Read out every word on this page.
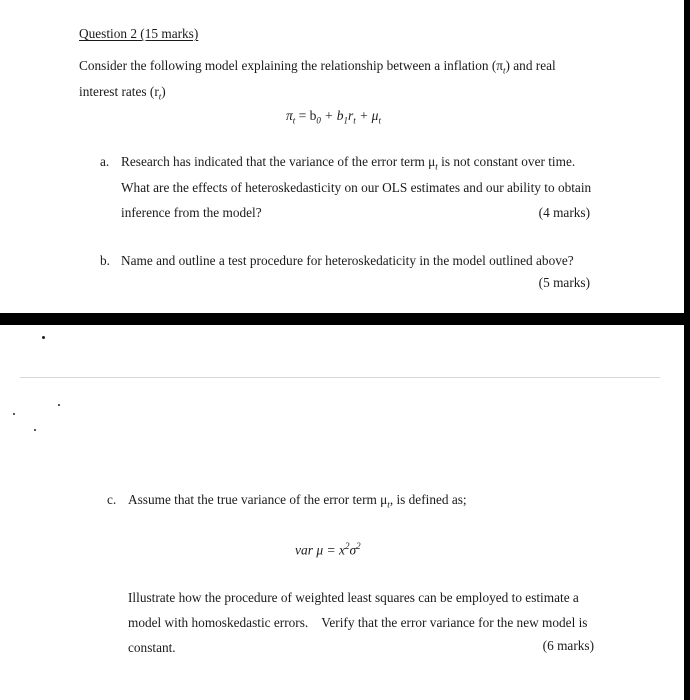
Question 2 (15 marks)
Consider the following model explaining the relationship between a inflation $(\pi_t)$ and real
interest rates $(r_t)$
$\pi_t = b_0 + b_1r_t + \mu_t$
a. Research has indicated that the variance of the error term $\mu_t$ is not constant over time.
What are the effects of heteroskedasticity on our OLS estimates and our ability to obtain
inference from the model?	(4 marks)
b. Name and outline a test procedure for heteroskedaticity in the model outlined above?
(5 marks)
c. Assume that the true variance of the error term $\mu_t$, is defined as;
var $\mu = x^2\sigma^2$
Illustrate how the procedure of weighted least squares can be employed to estimate a
model with homoskedastic errors.    Verify that the error variance for the new model is
constant.	(6 marks)
